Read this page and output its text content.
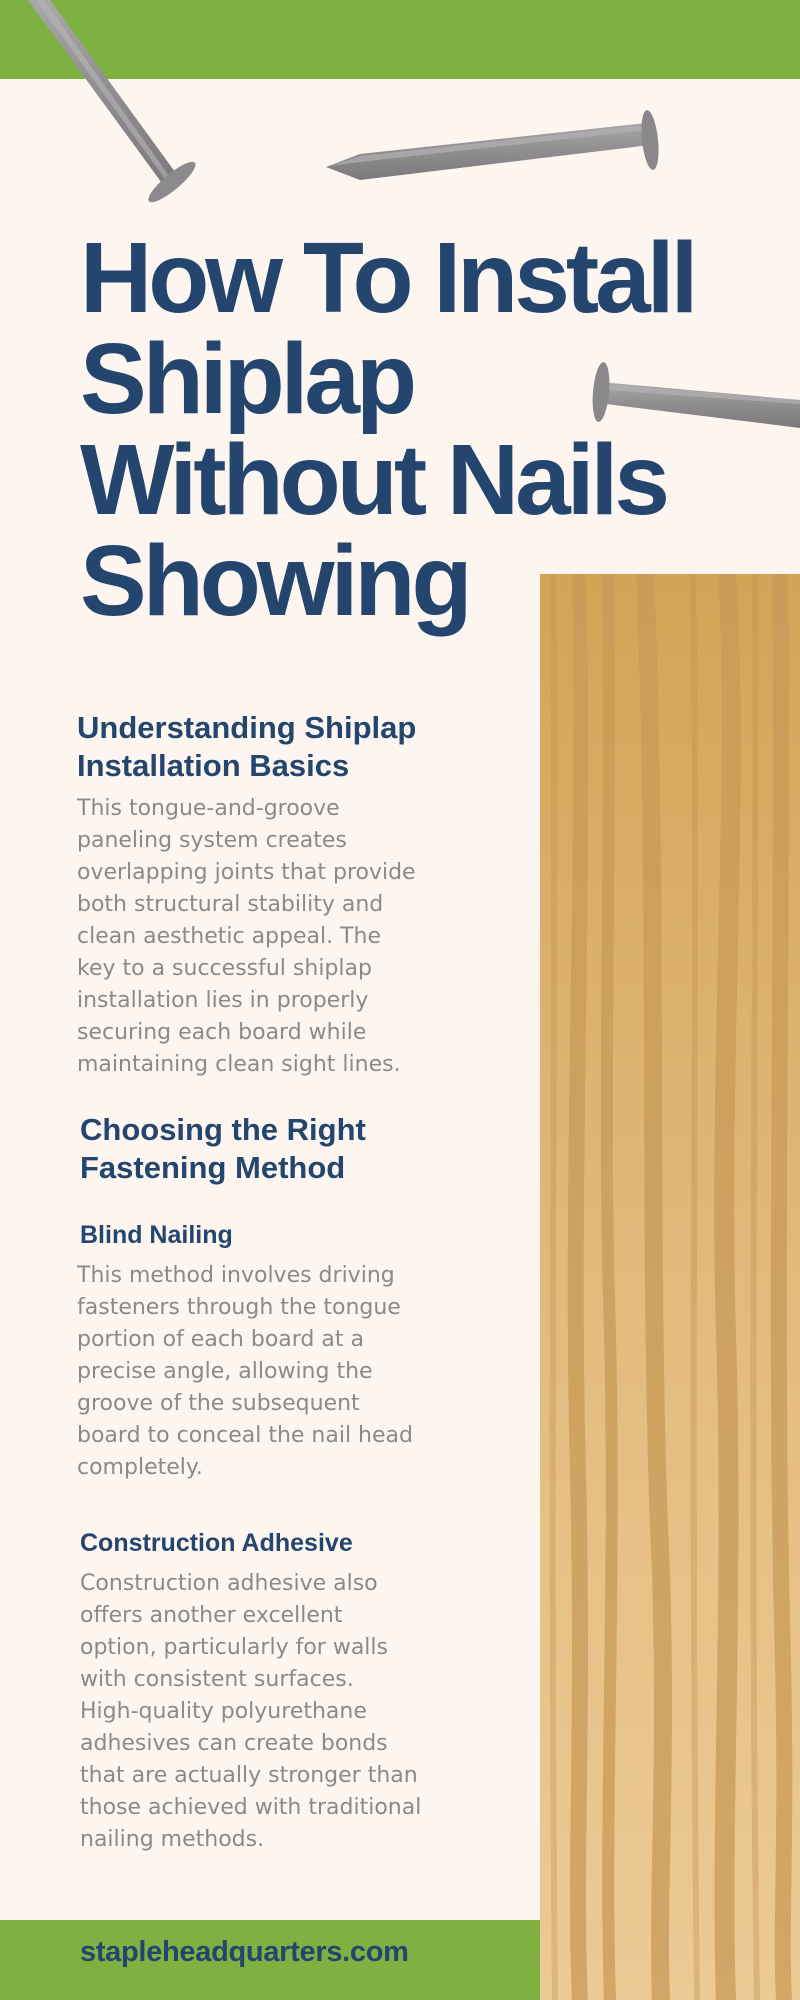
How To Install
Shiplap
Without Nails
Showing
Understanding Shiplap
Installation Basics

This tongue-and-groove
paneling system creates
overlapping joints that provide
both structural stability and
clean aesthetic appeal. The
key to a successful shiplap
installation lies in properly
securing each board while
maintaining clean sight lines.

Choosing the Right
Fastening Method
Blind Nailing

This method involves driving
fasteners through the tongue
portion of each board at a
precise angle, allowing the
groove of the subsequent
board to conceal the nail head
completely.

Construction Adhesive

Construction adhesive also
offers another excellent
option, particularly for walls
with consistent surfaces.
High-quality polyurethane
adhesives can create bonds
that are actually stronger than
those achieved with traditional
nailing methods.

stapleheadquarters.com
